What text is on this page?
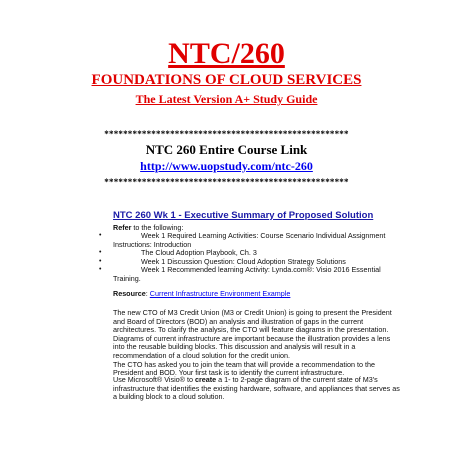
NTC/260
FOUNDATIONS OF CLOUD SERVICES
The Latest Version A+ Study Guide
****************************************************
NTC 260 Entire Course Link
http://www.uopstudy.com/ntc-260
****************************************************
NTC 260 Wk 1 - Executive Summary of Proposed Solution
Refer to the following:
•	Week 1 Required Learning Activities: Course Scenario Individual Assignment Instructions: Introduction
•	The Cloud Adoption Playbook, Ch. 3
•	Week 1 Discussion Question: Cloud Adoption Strategy Solutions
•	Week 1 Recommended learning Activity: Lynda.com®: Visio 2016 Essential Training.
Resource: Current Infrastructure Environment Example
The new CTO of M3 Credit Union (M3 or Credit Union) is going to present the President and Board of Directors (BOD) an analysis and illustration of gaps in the current architectures. To clarify the analysis, the CTO will feature diagrams in the presentation. Diagrams of current infrastructure are important because the illustration provides a lens into the reusable building blocks. This discussion and analysis will result in a recommendation of a cloud solution for the credit union.
The CTO has asked you to join the team that will provide a recommendation to the President and BOD. Your first task is to identify the current infrastructure.
Use Microsoft® Visio® to create a 1- to 2-page diagram of the current state of M3's infrastructure that identifies the existing hardware, software, and appliances that serves as a building block to a cloud solution.
